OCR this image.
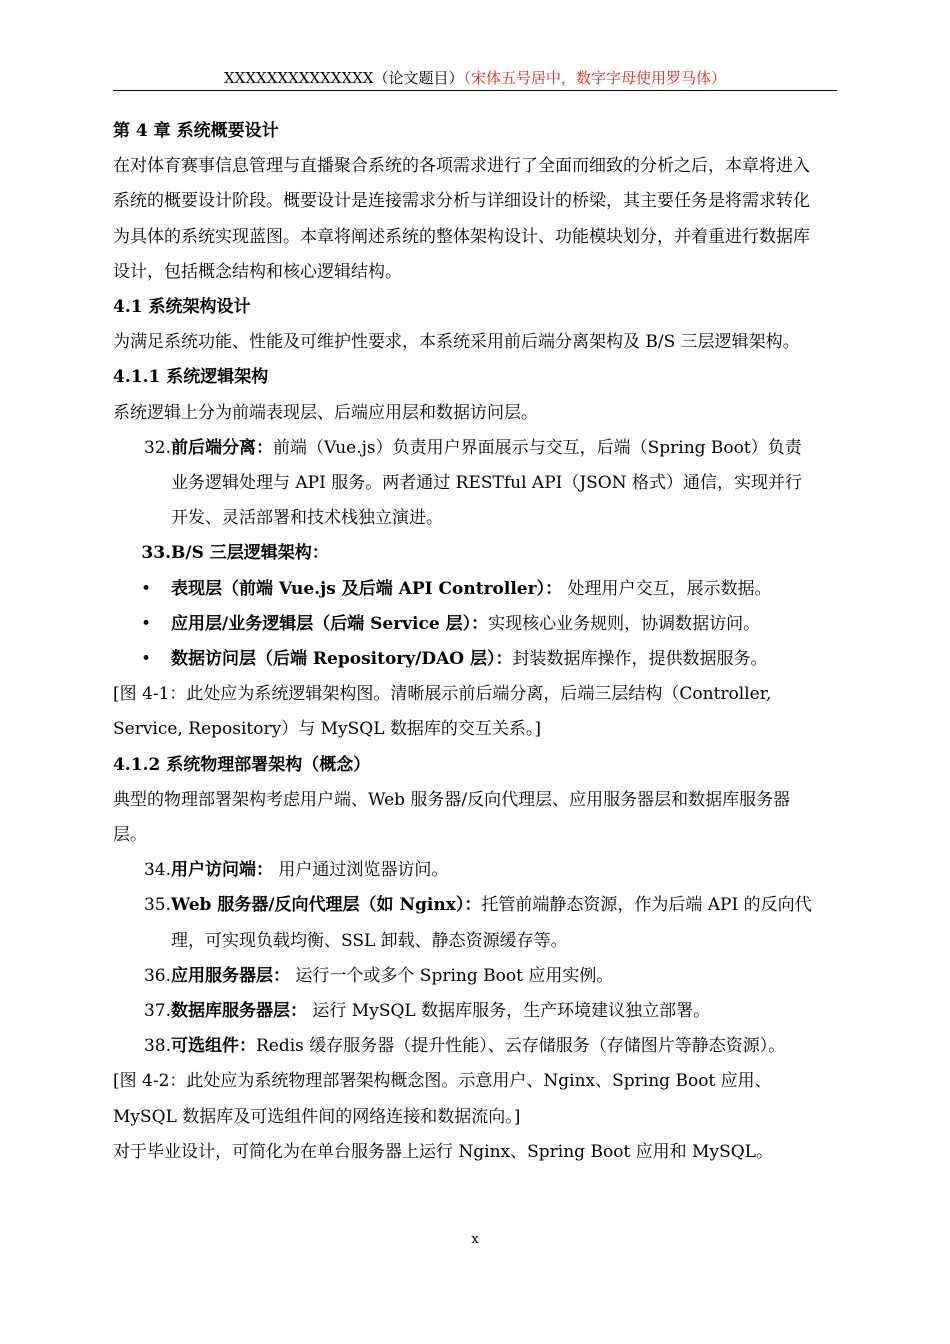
XXXXXXXXXXXXXX（论文题目）（宋体五号居中，数字字母使用罗马体）

第 4 章 系统概要设计

在对体育赛事信息管理与直播聚合系统的各项需求进行了全面而细致的分析之后，本章将进入系统的概要设计阶段。概要设计是连接需求分析与详细设计的桥梁，其主要任务是将需求转化为具体的系统实现蓝图。本章将阐述系统的整体架构设计、功能模块划分，并着重进行数据库设计，包括概念结构和核心逻辑结构。

4.1 系统架构设计

为满足系统功能、性能及可维护性要求，本系统采用前后端分离架构及 B/S 三层逻辑架构。

4.1.1 系统逻辑架构

系统逻辑上分为前端表现层、后端应用层和数据访问层。

32. 前后端分离：前端（Vue.js）负责用户界面展示与交互，后端（Spring Boot）负责业务逻辑处理与 API 服务。两者通过 RESTful API（JSON 格式）通信，实现并行开发、灵活部署和技术栈独立演进。
33. B/S 三层逻辑架构：
•	表现层（前端 Vue.js 及后端 API Controller）： 处理用户交互，展示数据。
•	应用层/业务逻辑层（后端 Service 层）：实现核心业务规则，协调数据访问。
•	数据访问层（后端 Repository/DAO 层）：封装数据库操作，提供数据服务。

[图 4-1：此处应为系统逻辑架构图。清晰展示前后端分离，后端三层结构（Controller, Service, Repository）与 MySQL 数据库的交互关系。]

4.1.2 系统物理部署架构（概念）

典型的物理部署架构考虑用户端、Web 服务器/反向代理层、应用服务器层和数据库服务器层。

34. 用户访问端： 用户通过浏览器访问。
35. Web 服务器/反向代理层（如 Nginx）：托管前端静态资源，作为后端 API 的反向代理，可实现负载均衡、SSL 卸载、静态资源缓存等。
36. 应用服务器层： 运行一个或多个 Spring Boot 应用实例。
37. 数据库服务器层： 运行 MySQL 数据库服务，生产环境建议独立部署。
38. 可选组件：Redis 缓存服务器（提升性能）、云存储服务（存储图片等静态资源）。

[图 4-2：此处应为系统物理部署架构概念图。示意用户、Nginx、Spring Boot 应用、MySQL 数据库及可选组件间的网络连接和数据流向。]

对于毕业设计，可简化为在单台服务器上运行 Nginx、Spring Boot 应用和 MySQL。

x
